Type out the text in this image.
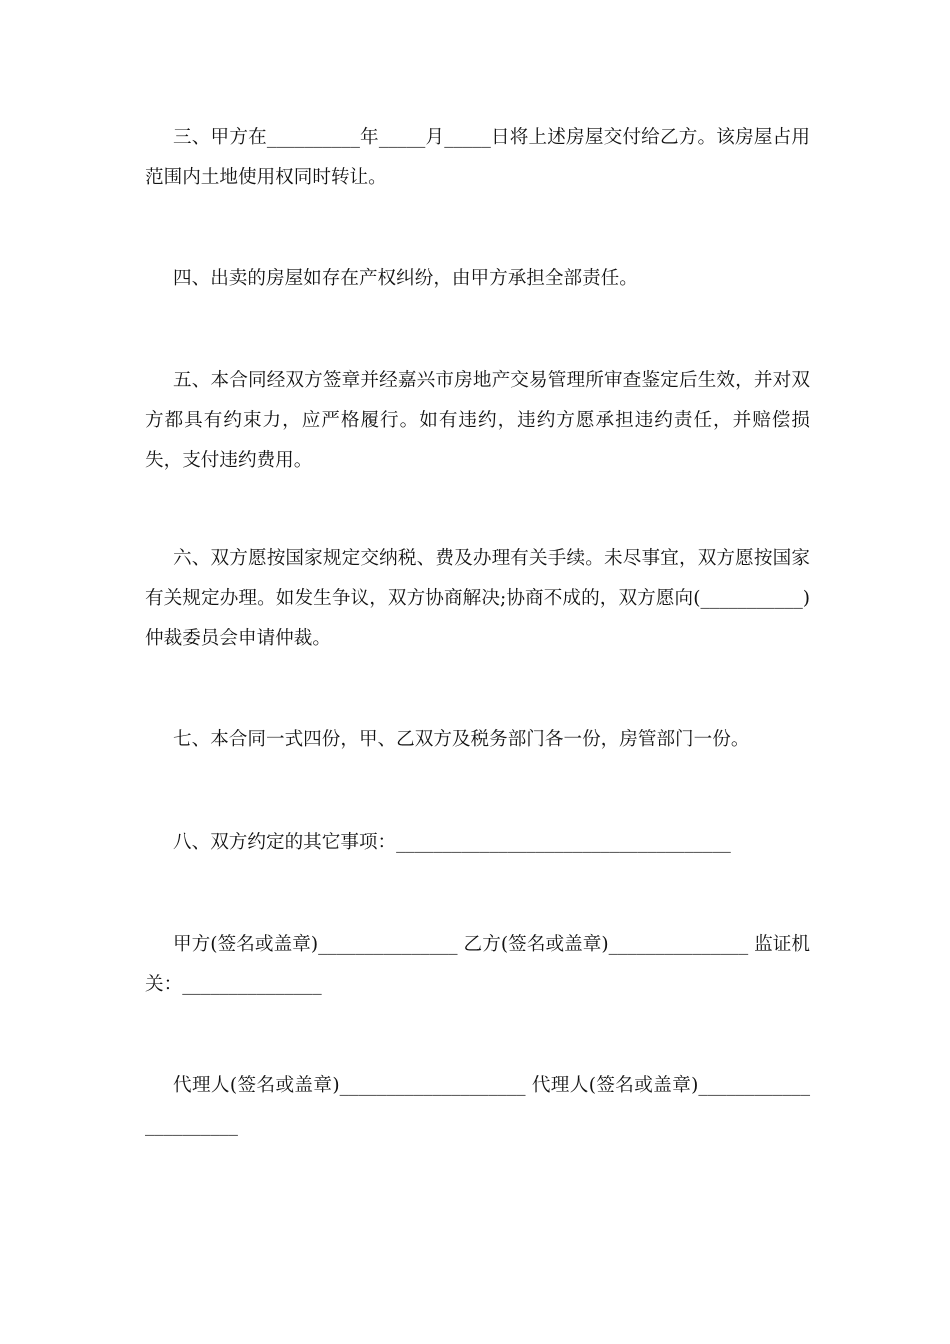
三、甲方在__________年_____月_____日将上述房屋交付给乙方。该房屋占用范围内土地使用权同时转让。

四、出卖的房屋如存在产权纠纷，由甲方承担全部责任。

五、本合同经双方签章并经嘉兴市房地产交易管理所审查鉴定后生效，并对双方都具有约束力，应严格履行。如有违约，违约方愿承担违约责任，并赔偿损失，支付违约费用。

六、双方愿按国家规定交纳税、费及办理有关手续。未尽事宜，双方愿按国家有关规定办理。如发生争议，双方协商解决;协商不成的，双方愿向(___________)仲裁委员会申请仲裁。

七、本合同一式四份，甲、乙双方及税务部门各一份，房管部门一份。

八、双方约定的其它事项：____________________________________

甲方(签名或盖章)_______________ 乙方(签名或盖章)_______________ 监证机关：_______________

代理人(签名或盖章)____________________ 代理人(签名或盖章)______________________
